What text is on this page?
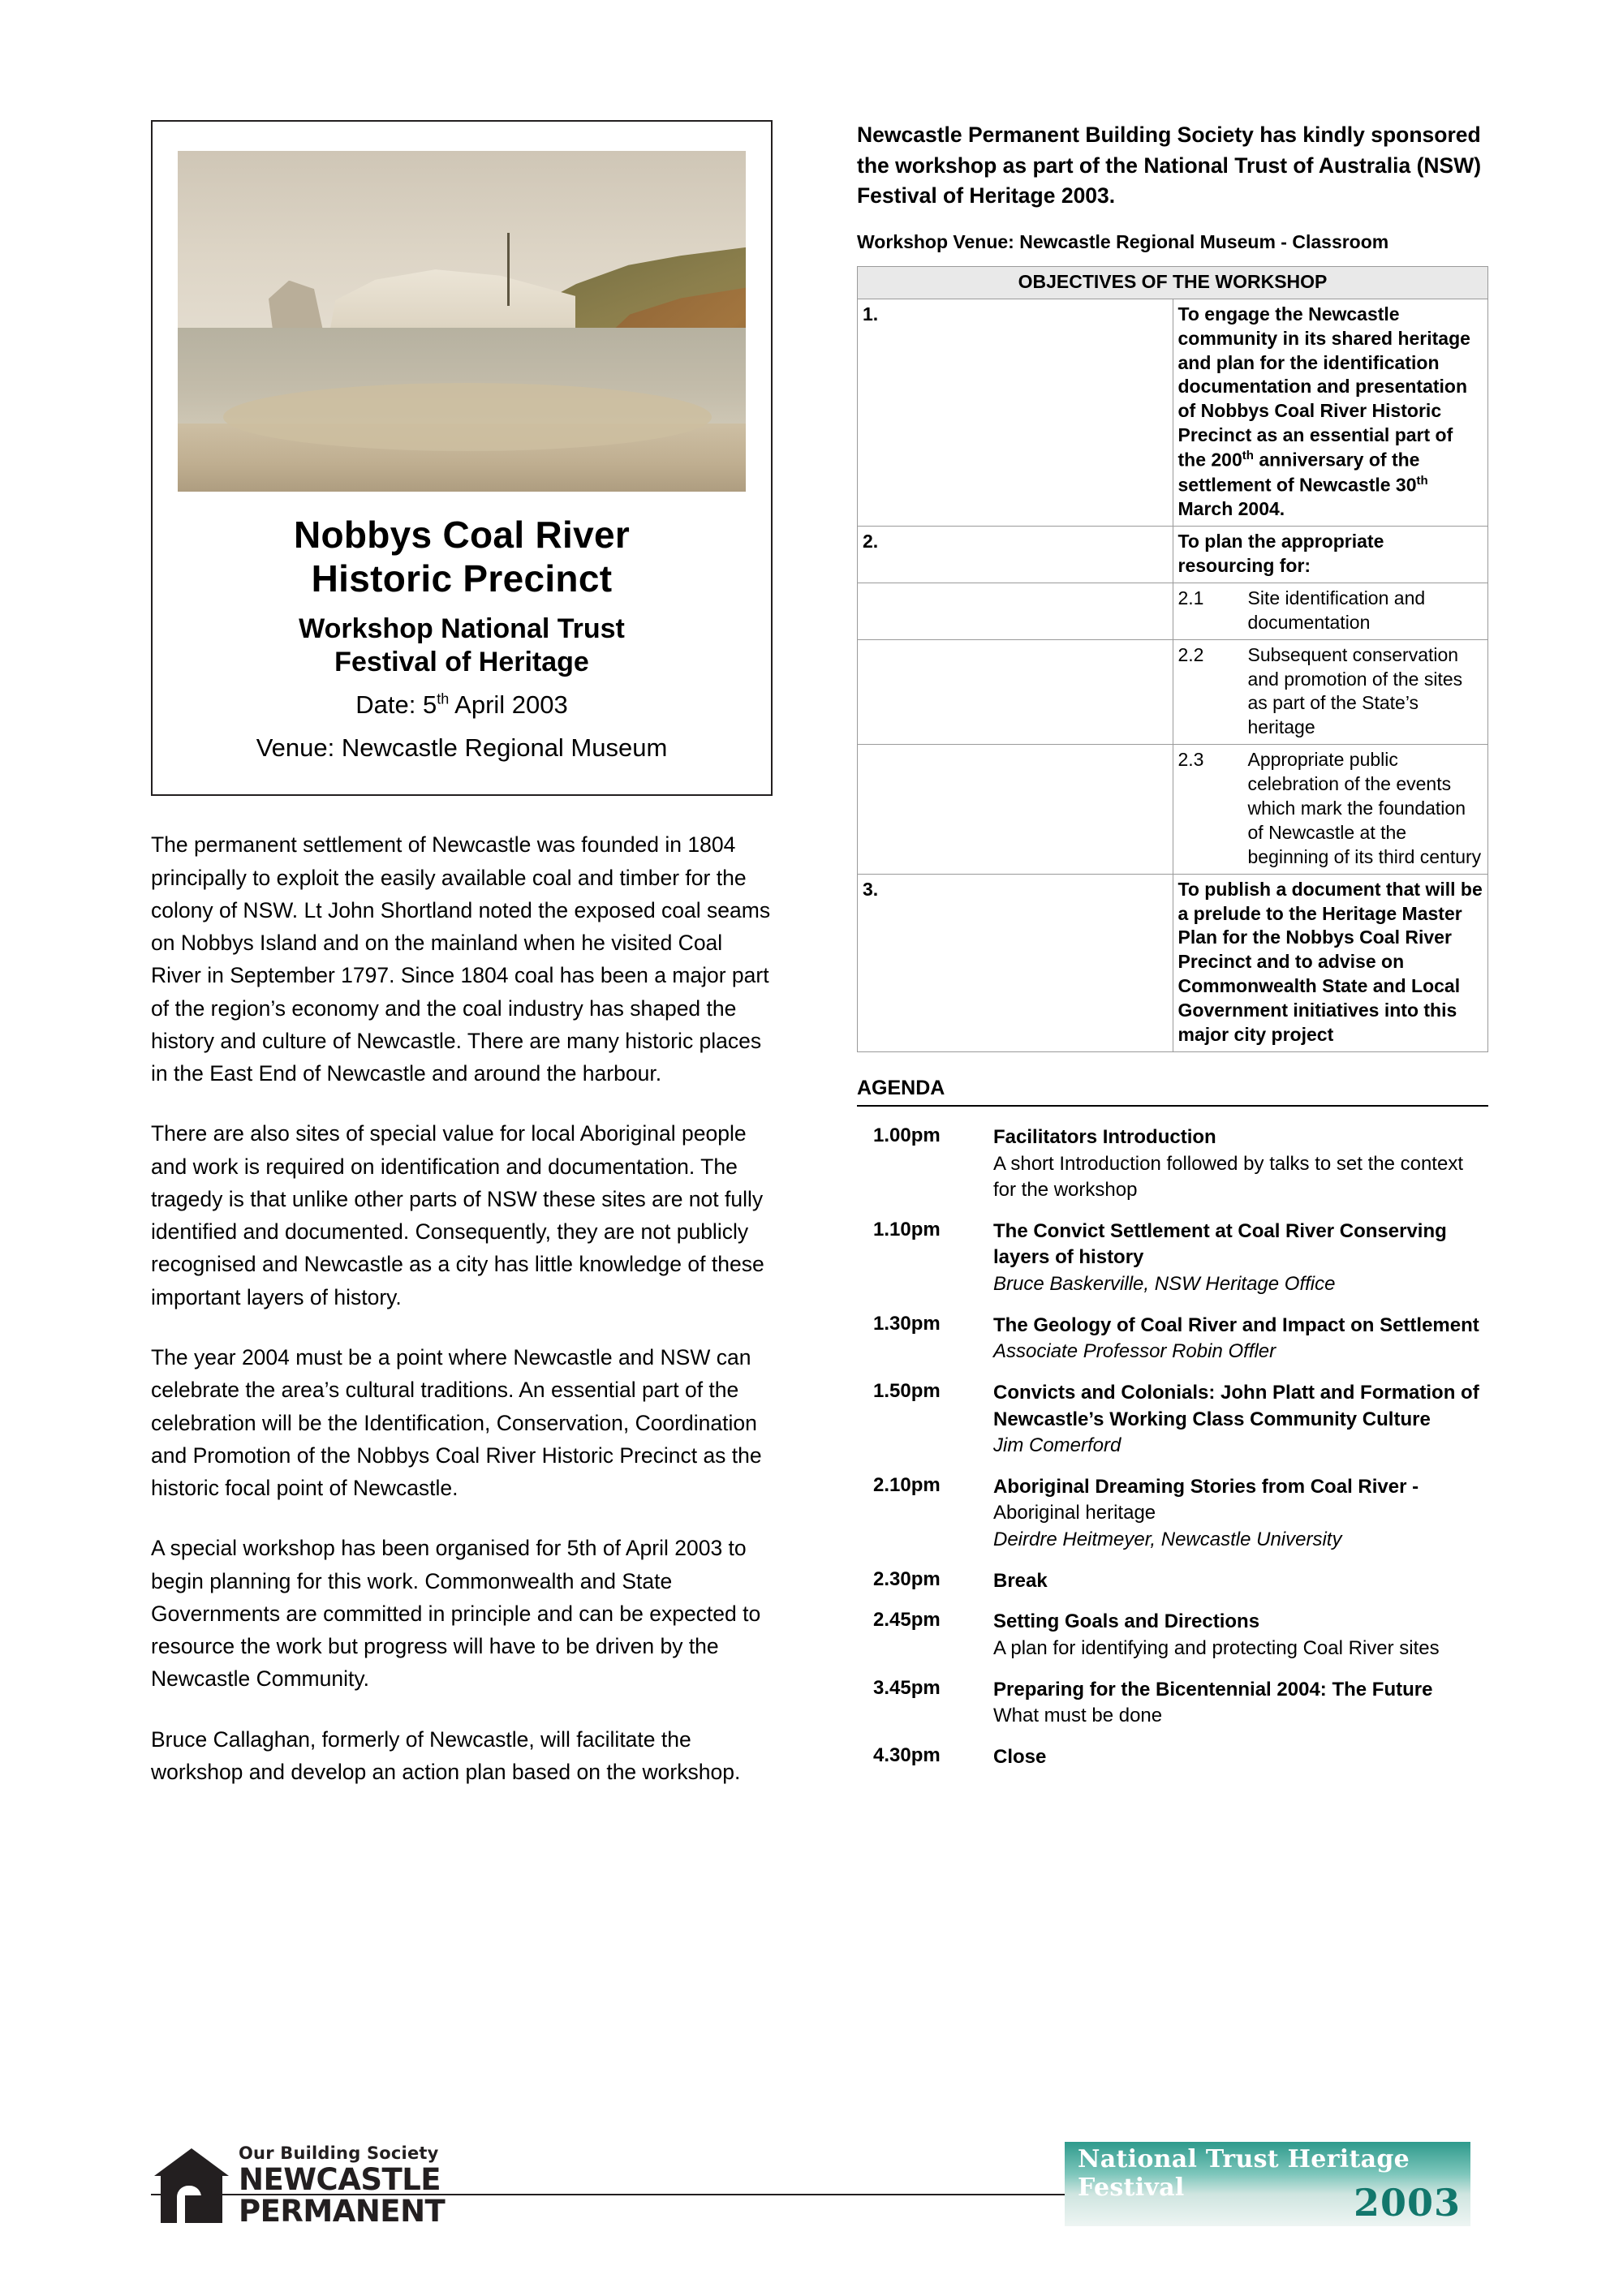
Nobbys Coal River
Historic Precinct
Workshop National Trust
Festival of Heritage
Date: 5th April 2003
Venue: Newcastle Regional Museum

The permanent settlement of Newcastle was founded in 1804 principally to exploit the easily available coal and timber for the colony of NSW. Lt John Shortland noted the exposed coal seams on Nobbys Island and on the mainland when he visited Coal River in September 1797. Since 1804 coal has been a major part of the region’s economy and the coal industry has shaped the history and culture of Newcastle. There are many historic places in the East End of Newcastle and around the harbour.

There are also sites of special value for local Aboriginal people and work is required on identification and documentation. The tragedy is that unlike other parts of NSW these sites are not fully identified and documented. Consequently, they are not publicly recognised and Newcastle as a city has little knowledge of these important layers of history.

The year 2004 must be a point where Newcastle and NSW can celebrate the area’s cultural traditions. An essential part of the celebration will be the Identification, Conservation, Coordination and Promotion of the Nobbys Coal River Historic Precinct as the historic focal point of Newcastle.

A special workshop has been organised for 5th of April 2003 to begin planning for this work. Commonwealth and State Governments are committed in principle and can be expected to resource the work but progress will have to be driven by the Newcastle Community.

Bruce Callaghan, formerly of Newcastle, will facilitate the workshop and develop an action plan based on the workshop.

Newcastle Permanent Building Society has kindly sponsored the workshop as part of the National Trust of Australia (NSW) Festival of Heritage 2003.
Workshop Venue: Newcastle Regional Museum - Classroom
OBJECTIVES OF THE WORKSHOP
1.	To engage the Newcastle community in its shared heritage and plan for the identification documentation and presentation of Nobbys Coal River Historic Precinct as an essential part of the 200th anniversary of the settlement of Newcastle 30th March 2004.
2.	To plan the appropriate resourcing for:

2.1	Site identification and documentation

2.2	Subsequent conservation and promotion of the sites as part of the State’s heritage

2.3	Appropriate public celebration of the events which mark the foundation of Newcastle at the beginning of its third century

3.	To publish a document that will be a prelude to the Heritage Master Plan for the Nobbys Coal River Precinct and to advise on Commonwealth State and Local Government initiatives into this major city project
AGENDA
1.00pm	Facilitators Introduction
A short Introduction followed by talks to set the context for the workshop
1.10pm	The Convict Settlement at Coal River Conserving layers of history
Bruce Baskerville, NSW Heritage Office
1.30pm	The Geology of Coal River and Impact on Settlement
Associate Professor Robin Offler
1.50pm	Convicts and Colonials: John Platt and Formation of Newcastle’s Working Class Community Culture
Jim Comerford
2.10pm	Aboriginal Dreaming Stories from Coal River - Aboriginal heritage
Deirdre Heitmeyer, Newcastle University
2.30pm	Break
2.45pm	Setting Goals and Directions
A plan for identifying and protecting Coal River sites
3.45pm	Preparing for the Bicentennial 2004: The Future
What must be done
4.30pm	Close
Our Building Society
NEWCASTLE
PERMANENT
National Trust Heritage Festival	2003
